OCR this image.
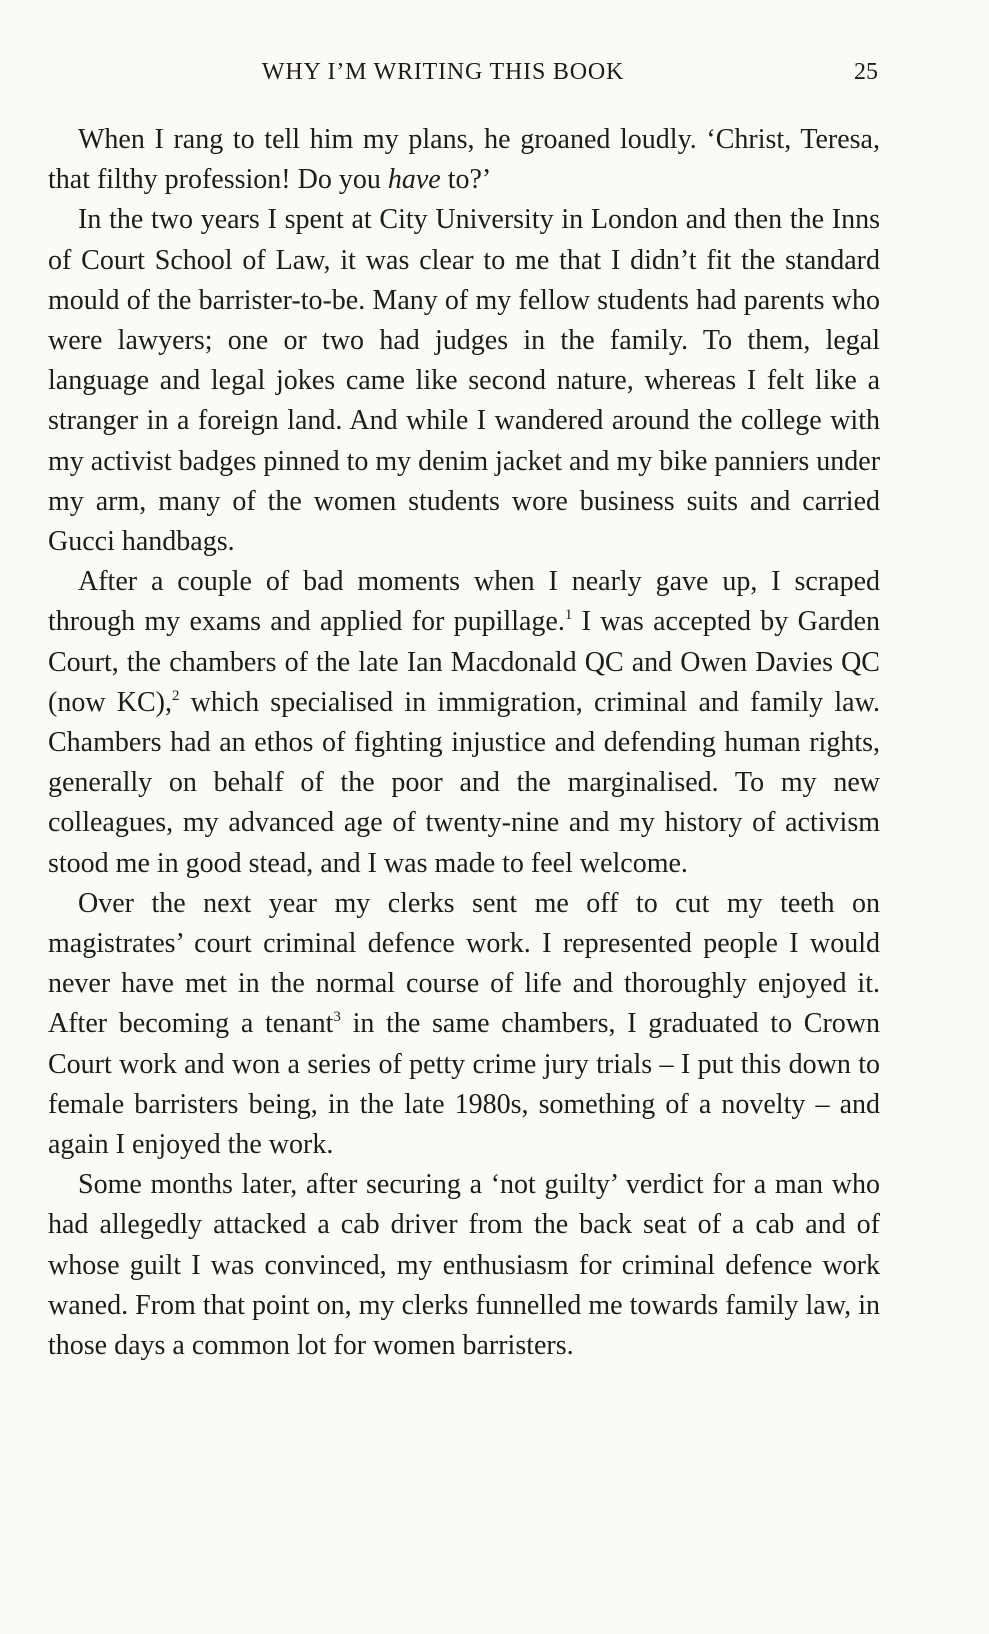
WHY I’M WRITING THIS BOOK	25

When I rang to tell him my plans, he groaned loudly. ‘Christ, Teresa, that filthy profession! Do you have to?’

In the two years I spent at City University in London and then the Inns of Court School of Law, it was clear to me that I didn’t fit the standard mould of the barrister-to-be. Many of my fellow students had parents who were lawyers; one or two had judges in the family. To them, legal language and legal jokes came like second nature, whereas I felt like a stranger in a foreign land. And while I wandered around the college with my activist badges pinned to my denim jacket and my bike panniers under my arm, many of the women students wore business suits and carried Gucci handbags.

After a couple of bad moments when I nearly gave up, I scraped through my exams and applied for pupillage.$^1$ I was accepted by Garden Court, the chambers of the late Ian Macdonald QC and Owen Davies QC (now KC),$^2$ which specialised in immigration, criminal and family law. Chambers had an ethos of fighting injustice and defending human rights, generally on behalf of the poor and the marginalised. To my new colleagues, my advanced age of twenty-nine and my history of activism stood me in good stead, and I was made to feel welcome.

Over the next year my clerks sent me off to cut my teeth on magistrates’ court criminal defence work. I represented people I would never have met in the normal course of life and thoroughly enjoyed it. After becoming a tenant$^3$ in the same chambers, I graduated to Crown Court work and won a series of petty crime jury trials – I put this down to female barristers being, in the late 1980s, something of a novelty – and again I enjoyed the work.

Some months later, after securing a ‘not guilty’ verdict for a man who had allegedly attacked a cab driver from the back seat of a cab and of whose guilt I was convinced, my enthusiasm for criminal defence work waned. From that point on, my clerks funnelled me towards family law, in those days a common lot for women barristers.
